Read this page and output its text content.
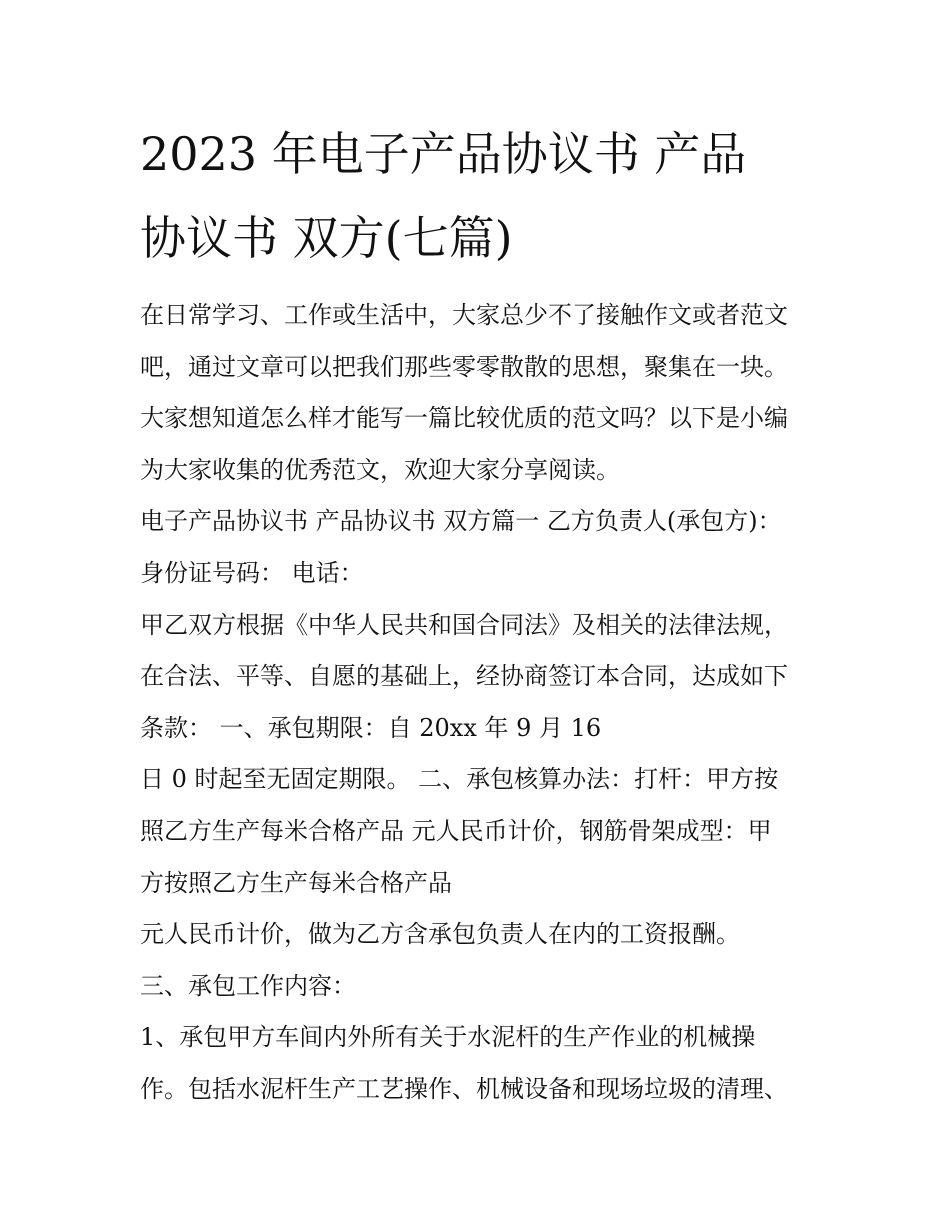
2023 年电子产品协议书 产品
协议书 双方(七篇)
在日常学习、工作或生活中，大家总少不了接触作文或者范文
吧，通过文章可以把我们那些零零散散的思想，聚集在一块。
大家想知道怎么样才能写一篇比较优质的范文吗？以下是小编
为大家收集的优秀范文，欢迎大家分享阅读。
电子产品协议书 产品协议书 双方篇一 乙方负责人(承包方)：
身份证号码： 电话：
甲乙双方根据《中华人民共和国合同法》及相关的法律法规，
在合法、平等、自愿的基础上，经协商签订本合同，达成如下
条款： 一、承包期限：自 20xx 年 9 月 16
日 0 时起至无固定期限。 二、承包核算办法：打杆：甲方按
照乙方生产每米合格产品 元人民币计价，钢筋骨架成型：甲
方按照乙方生产每米合格产品
元人民币计价，做为乙方含承包负责人在内的工资报酬。
三、承包工作内容：
1、承包甲方车间内外所有关于水泥杆的生产作业的机械操
作。包括水泥杆生产工艺操作、机械设备和现场垃圾的清理、
